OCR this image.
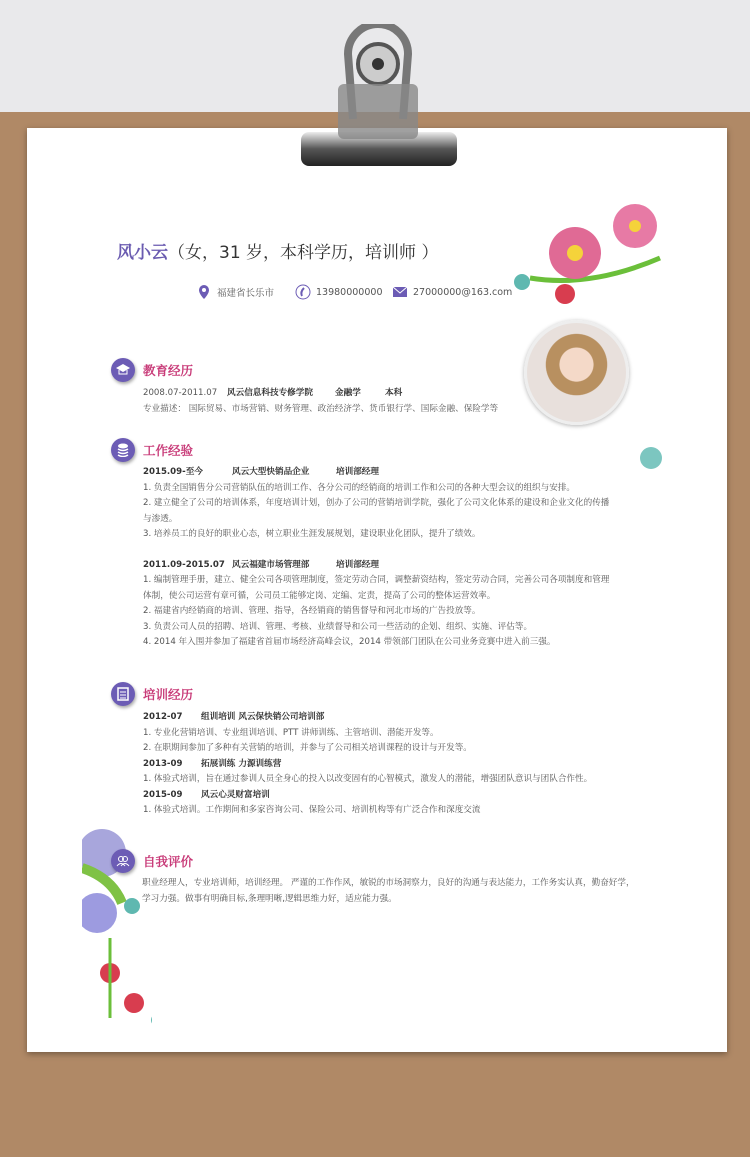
风小云（女，31 岁，本科学历，培训师 ）
福建省长乐市	13980000000	27000000@163.com
教育经历
2008.07-2011.07 风云信息科技专修学院	金融学	本科
专业描述： 国际贸易、市场营销、财务管理、政治经济学、货币银行学、国际金融、保险学等
工作经验
2015.09-至今	风云大型快销品企业	培训部经理
1. 负责全国销售分公司营销队伍的培训工作、各分公司的经销商的培训工作和公司的各种大型会议的组织与安排。
2. 建立健全了公司的培训体系，年度培训计划，创办了公司的营销培训学院，强化了公司文化体系的建设和企业文化的传播
与渗透。
3. 培养员工的良好的职业心态，树立职业生涯发展规划，建设职业化团队，提升了绩效。
2011.09-2015.07 风云福建市场管理部	培训部经理
1. 编制管理手册，建立、健全公司各项管理制度，签定劳动合同，调整薪资结构，签定劳动合同，完善公司各项制度和管理
体制，使公司运营有章可循，公司员工能够定岗、定编、定责，提高了公司的整体运营效率。
2. 福建省内经销商的培训、管理、指导，各经销商的销售督导和河北市场的广告投放等。
3. 负责公司人员的招聘、培训、管理、考核、业绩督导和公司一些活动的企划、组织、实施、评估等。
4. 2014 年入围并参加了福建省首届市场经济高峰会议，2014 带领部门团队在公司业务竞赛中进入前三强。
培训经历
2012-07 组训培训 风云保快销公司培训部
1. 专业化营销培训、专业组训培训、PTT 讲师训练、主管培训、潜能开发等。
2. 在职期间参加了多种有关营销的培训，并参与了公司相关培训课程的设计与开发等。
2013-09 拓展训练 力源训练营
1. 体验式培训，旨在通过参训人员全身心的投入以改变固有的心智模式，激发人的潜能，增强团队意识与团队合作性。
2015-09 风云心灵财富培训
1. 体验式培训。工作期间和多家咨询公司、保险公司、培训机构等有广泛合作和深度交流
自我评价
职业经理人，专业培训师，培训经理。 严谨的工作作风，敏锐的市场洞察力，良好的沟通与表达能力，工作务实认真，勤奋好学，
学习力强。做事有明确目标,条理明晰,逻辑思维力好，适应能力强。
